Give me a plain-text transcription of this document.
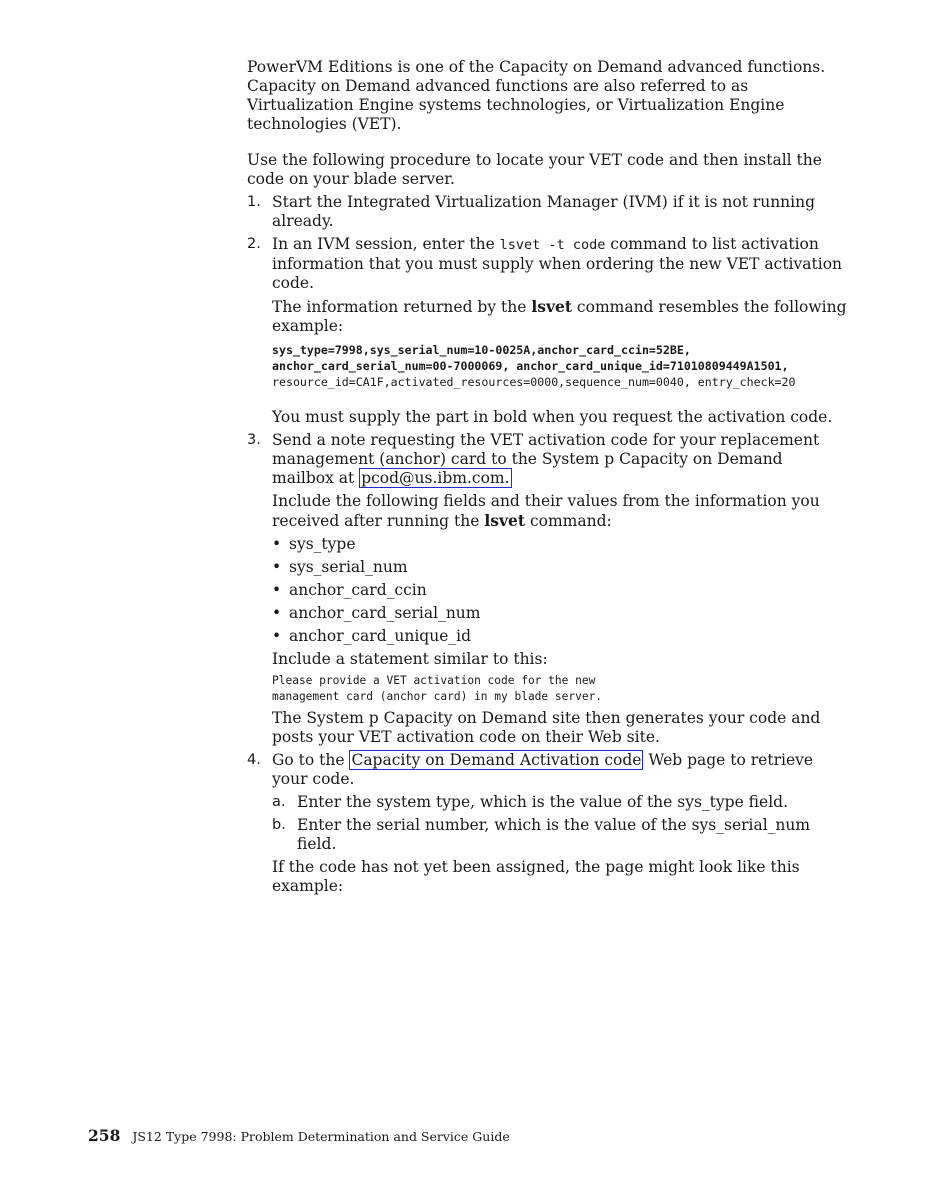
PowerVM Editions is one of the Capacity on Demand advanced functions. Capacity on Demand advanced functions are also referred to as Virtualization Engine systems technologies, or Virtualization Engine technologies (VET).

Use the following procedure to locate your VET code and then install the code on your blade server.

1. Start the Integrated Virtualization Manager (IVM) if it is not running already.

2. In an IVM session, enter the lsvet -t code command to list activation information that you must supply when ordering the new VET activation code.

The information returned by the lsvet command resembles the following example:

sys_type=7998,sys_serial_num=10-0025A,anchor_card_ccin=52BE,
anchor_card_serial_num=00-7000069, anchor_card_unique_id=71010809449A1501,
resource_id=CA1F,activated_resources=0000,sequence_num=0040, entry_check=20

You must supply the part in bold when you request the activation code.

3. Send a note requesting the VET activation code for your replacement management (anchor) card to the System p Capacity on Demand mailbox at pcod@us.ibm.com.

Include the following fields and their values from the information you received after running the lsvet command:

• sys_type
• sys_serial_num
• anchor_card_ccin
• anchor_card_serial_num
• anchor_card_unique_id

Include a statement similar to this:

Please provide a VET activation code for the new
management card (anchor card) in my blade server.

The System p Capacity on Demand site then generates your code and posts your VET activation code on their Web site.

4. Go to the Capacity on Demand Activation code Web page to retrieve your code.

a. Enter the system type, which is the value of the sys_type field.

b. Enter the serial number, which is the value of the sys_serial_num field.

If the code has not yet been assigned, the page might look like this example:

258 JS12 Type 7998: Problem Determination and Service Guide
